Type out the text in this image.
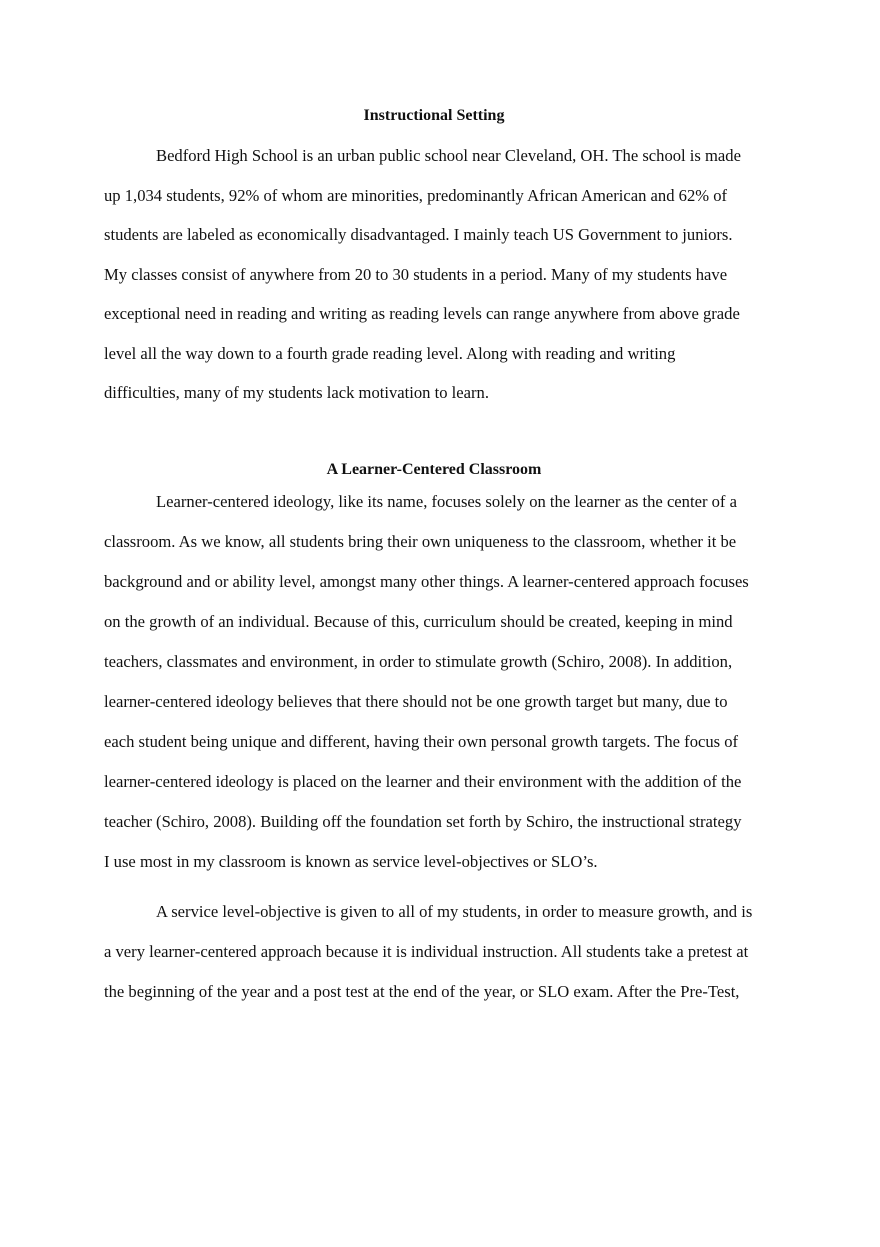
Instructional Setting
Bedford High School is an urban public school near Cleveland, OH. The school is made
up 1,034 students, 92% of whom are minorities, predominantly African American and 62% of
students are labeled as economically disadvantaged. I mainly teach US Government to juniors.
My classes consist of anywhere from 20 to 30 students in a period. Many of my students have
exceptional need in reading and writing as reading levels can range anywhere from above grade
level all the way down to a fourth grade reading level. Along with reading and writing
difficulties, many of my students lack motivation to learn.
A Learner-Centered Classroom
Learner-centered ideology, like its name, focuses solely on the learner as the center of a
classroom. As we know, all students bring their own uniqueness to the classroom, whether it be
background and or ability level, amongst many other things. A learner-centered approach focuses
on the growth of an individual. Because of this, curriculum should be created, keeping in mind
teachers, classmates and environment, in order to stimulate growth (Schiro, 2008). In addition,
learner-centered ideology believes that there should not be one growth target but many, due to
each student being unique and different, having their own personal growth targets. The focus of
learner-centered ideology is placed on the learner and their environment with the addition of the
teacher (Schiro, 2008). Building off the foundation set forth by Schiro, the instructional strategy
I use most in my classroom is known as service level-objectives or SLO’s.
A service level-objective is given to all of my students, in order to measure growth, and is
a very learner-centered approach because it is individual instruction. All students take a pretest at
the beginning of the year and a post test at the end of the year, or SLO exam. After the Pre-Test,
